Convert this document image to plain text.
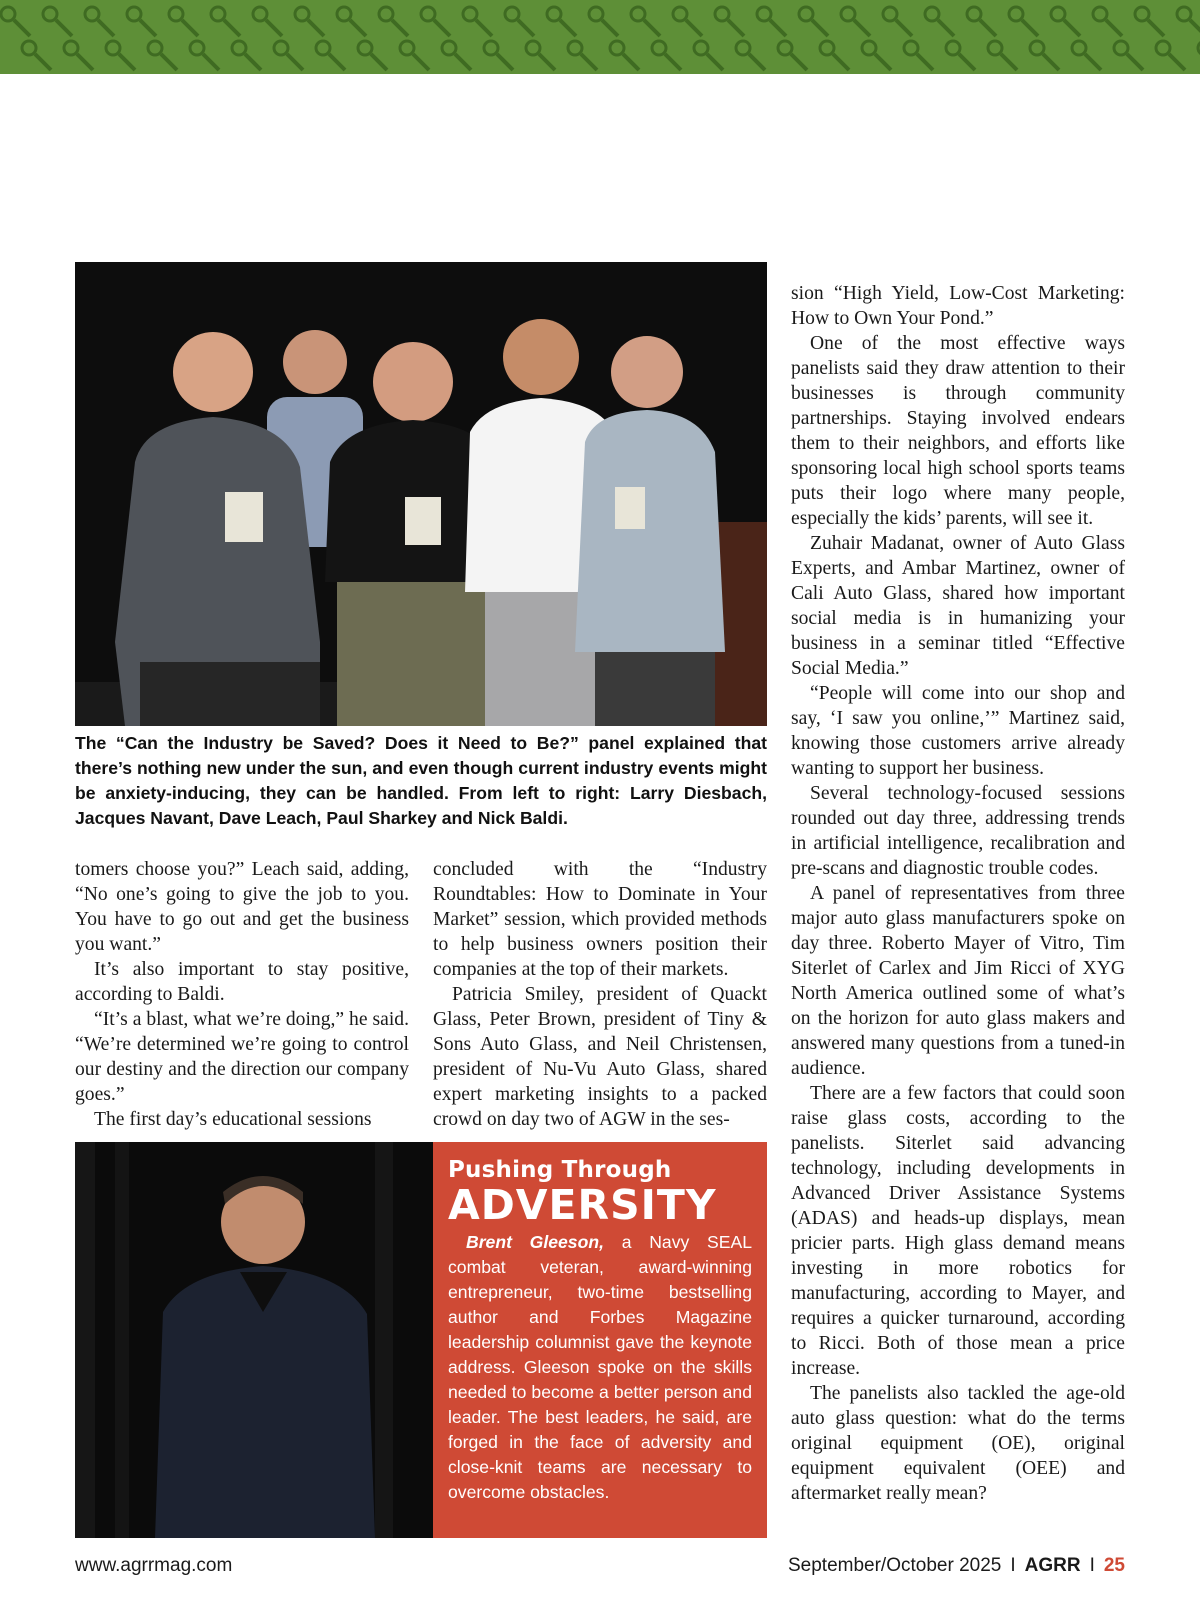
The “Can the Industry be Saved? Does it Need to Be?” panel explained that there’s nothing new under the sun, and even though current industry events might be anxiety-inducing, they can be handled. From left to right: Larry Diesbach, Jacques Navant, Dave Leach, Paul Sharkey and Nick Baldi.

tomers choose you?” Leach said, adding, “No one’s going to give the job to you. You have to go out and get the business you want.”

It’s also important to stay positive, according to Baldi.

“It’s a blast, what we’re doing,” he said. “We’re determined we’re going to control our destiny and the direction our company goes.”

The first day’s educational sessions

concluded with the “Industry Roundtables: How to Dominate in Your Market” session, which provided methods to help business owners position their companies at the top of their markets.

Patricia Smiley, president of Quackt Glass, Peter Brown, president of Tiny & Sons Auto Glass, and Neil Christensen, president of Nu-Vu Auto Glass, shared expert marketing insights to a packed crowd on day two of AGW in the ses-

sion “High Yield, Low-Cost Marketing: How to Own Your Pond.”

One of the most effective ways panelists said they draw attention to their businesses is through community partnerships. Staying involved endears them to their neighbors, and efforts like sponsoring local high school sports teams puts their logo where many people, especially the kids’ parents, will see it.

Zuhair Madanat, owner of Auto Glass Experts, and Ambar Martinez, owner of Cali Auto Glass, shared how important social media is in humanizing your business in a seminar titled “Effective Social Media.”

“People will come into our shop and say, ‘I saw you online,’” Martinez said, knowing those customers arrive already wanting to support her business.

Several technology-focused sessions rounded out day three, addressing trends in artificial intelligence, recalibration and pre-scans and diagnostic trouble codes.

A panel of representatives from three major auto glass manufacturers spoke on day three. Roberto Mayer of Vitro, Tim Siterlet of Carlex and Jim Ricci of XYG North America outlined some of what’s on the horizon for auto glass makers and answered many questions from a tuned-in audience.

There are a few factors that could soon raise glass costs, according to the panelists. Siterlet said advancing technology, including developments in Advanced Driver Assistance Systems (ADAS) and heads-up displays, mean pricier parts. High glass demand means investing in more robotics for manufacturing, according to Mayer, and requires a quicker turnaround, according to Ricci. Both of those mean a price increase.

The panelists also tackled the age-old auto glass question: what do the terms original equipment (OE), original equipment equivalent (OEE) and aftermarket really mean?

Pushing Through
ADVERSITY

Brent Gleeson, a Navy SEAL combat veteran, award-winning entrepreneur, two-time bestselling author and Forbes Magazine leadership columnist gave the keynote address. Gleeson spoke on the skills needed to become a better person and leader. The best leaders, he said, are forged in the face of adversity and close-knit teams are necessary to overcome obstacles.

www.agrrmag.com	September/October 2025 I AGRR I 25
